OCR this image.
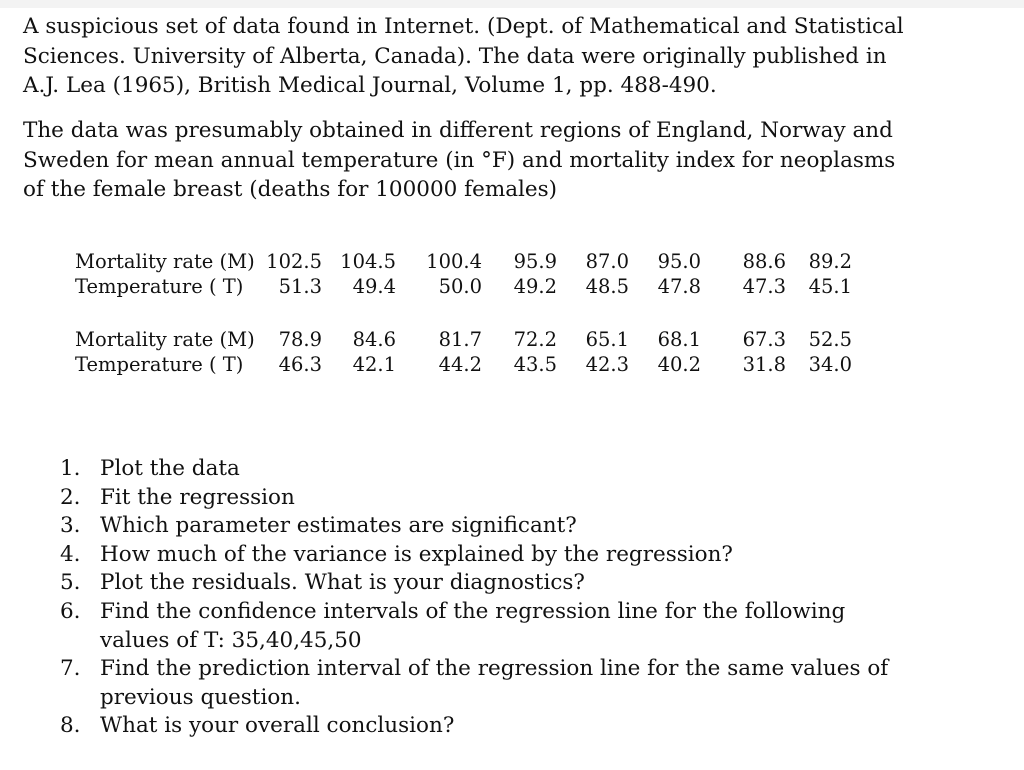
A suspicious set of data found in Internet. (Dept. of Mathematical and Statistical Sciences. University of Alberta, Canada). The data were originally published in A.J. Lea (1965), British Medical Journal, Volume 1, pp. 488-490.

The data was presumably obtained in different regions of England, Norway and Sweden for mean annual temperature (in °F) and mortality index for neoplasms of the female breast (deaths for 100000 females)

Mortality rate (M) 102.5 104.5	100.4	95.9	87.0	95.0	88.6	89.2
Temperature ( T)	51.3	49.4	50.0	49.2	48.5	47.8	47.3	45.1
Mortality rate (M)	78.9	84.6	81.7	72.2	65.1	68.1	67.3	52.5
Temperature ( T)	46.3	42.1	44.2	43.5	42.3	40.2	31.8	34.0
1. Plot the data
2. Fit the regression
3. Which parameter estimates are significant?
4. How much of the variance is explained by the regression?
5. Plot the residuals. What is your diagnostics?
6. Find the confidence intervals of the regression line for the following values of T: 35,40,45,50
7. Find the prediction interval of the regression line for the same values of previous question.
8. What is your overall conclusion?
